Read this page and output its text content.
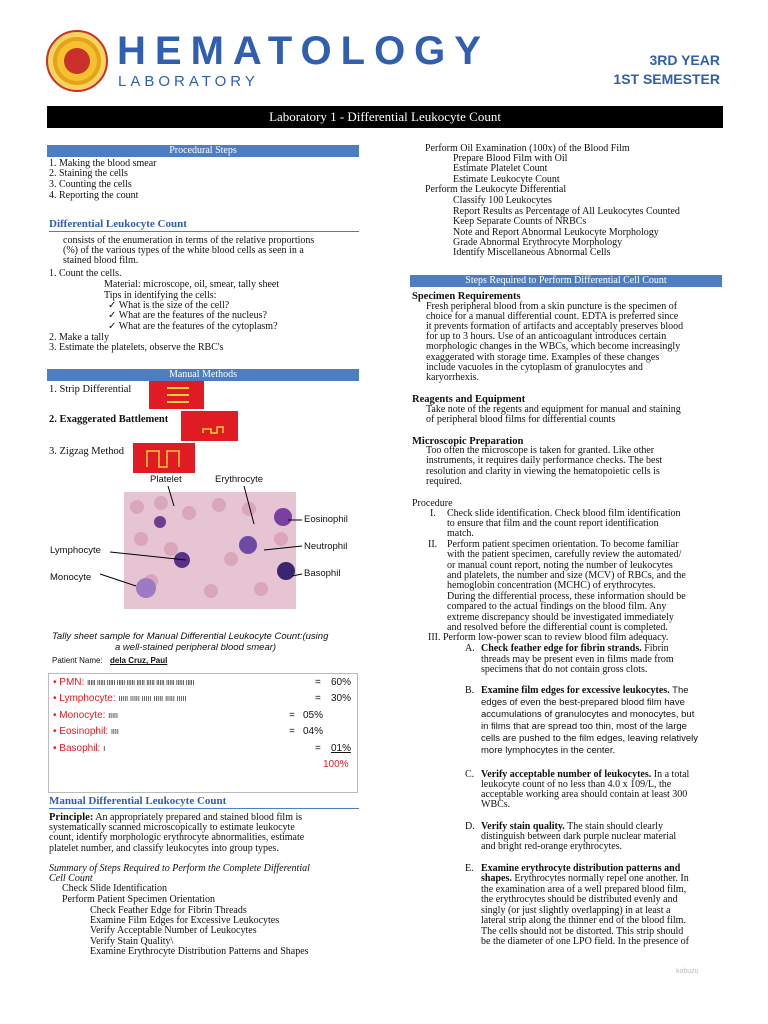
HEMATOLOGY
LABORATORY
3RD YEAR
1ST SEMESTER
Laboratory 1 - Differential Leukocyte Count
Procedural Steps
1. Making the blood smear
2. Staining the cells
3. Counting the cells
4. Reporting the count
Differential Leukocyte Count
consists of the enumeration in terms of the relative proportions
(%) of the various types of the white blood cells as seen in a
stained blood film.
1. Count the cells.
Material: microscope, oil, smear, tally sheet
Tips in identifying the cells:
✓ What is the size of the cell?
✓ What are the features of the nucleus?
✓ What are the features of the cytoplasm?
2. Make a tally
3. Estimate the platelets, observe the RBC's
Manual Methods
1. Strip Differential
2. Exaggerated Battlement
3. Zigzag Method
Platelet	Erythrocyte
Eosinophil
Lymphocyte	Neutrophil
Monocyte	Basophil
Tally sheet sample for Manual Differential Leukocyte Count:(using
a well-stained peripheral blood smear)
Patient Name: dela Cruz, Paul
• PMN: IIIII IIIII IIIII IIIII IIIII IIIII IIIII IIIII IIIII IIIII IIIII	= 60%
• Lymphocyte: IIIII IIIII IIIII IIIII IIIII IIIII	= 30%
• Monocyte: IIIII	= 05%
• Eosinophil: IIII	= 04%
• Basophil: I	= 01%
100%
Manual Differential Leukocyte Count
Principle: An appropriately prepared and stained blood film is
systematically scanned microscopically to estimate leukocyte
count, identify morphologic erythrocyte abnormalities, estimate
platelet number, and classify leukocytes into group types.
Summary of Steps Required to Perform the Complete Differential
Cell Count
Check Slide Identification
Perform Patient Specimen Orientation
Check Feather Edge for Fibrin Threads
Examine Film Edges for Excessive Leukocytes
Verify Acceptable Number of Leukocytes
Verify Stain Quality\
Examine Erythrocyte Distribution Patterns and Shapes
Perform Oil Examination (100x) of the Blood Film
Prepare Blood Film with Oil
Estimate Platelet Count
Estimate Leukocyte Count
Perform the Leukocyte Differential
Classify 100 Leukocytes
Report Results as Percentage of All Leukocytes Counted
Keep Separate Counts of NRBCs
Note and Report Abnormal Leukocyte Morphology
Grade Abnormal Erythrocyte Morphology
Identify Miscellaneous Abnormal Cells
Steps Required to Perform Differential Cell Count
Specimen Requirements
Fresh peripheral blood from a skin puncture is the specimen of
choice for a manual differential count. EDTA is preferred since
it prevents formation of artifacts and acceptably preserves blood
for up to 3 hours. Use of an anticoagulant introduces certain
morphologic changes in the WBCs, which become increasingly
exaggerated with storage time. Examples of these changes
include vacuoles in the cytoplasm of granulocytes and
karyorrhexis.
Reagents and Equipment
Take note of the regents and equipment for manual and staining
of peripheral blood films for differential counts
Microscopic Preparation
Too often the microscope is taken for granted. Like other
instruments, it requires daily performance checks. The best
resolution and clarity in viewing the hematopoietic cells is
required.
Procedure
I. Check slide identification. Check blood film identification
to ensure that film and the count report identification
match.
II. Perform patient specimen orientation. To become familiar
with the patient specimen, carefully review the automated/
or manual count report, noting the number of leukocytes
and platelets, the number and size (MCV) of RBCs, and the
hemoglobin concentration (MCHC) of erythrocytes.
During the differential process, these information should be
compared to the actual findings on the blood film. Any
extreme discrepancy should be investigated immediately
and resolved before the differential count is completed.
III. Perform low-power scan to review blood film adequacy.
A. Check feather edge for fibrin strands. Fibrin
threads may be present even in films made from
specimens that do not contain gross clots.
B. Examine film edges for excessive leukocytes. The
edges of even the best-prepared blood film have
accumulations of granulocytes and monocytes, but
in films that are spread too thin, most of the large
cells are pushed to the film edges, leaving relatively
more lymphocytes in the center.
C. Verify acceptable number of leukocytes. In a total
leukocyte count of no less than 4.0 x 109/L, the
acceptable working area should contain at least 300
WBCs.
D. Verify stain quality. The stain should clearly
distinguish between dark purple nuclear material
and bright red-orange erythrocytes.
E. Examine erythrocyte distribution patterns and
shapes. Erythrocytes normally repel one another. In
the examination area of a well prepared blood film,
the erythrocytes should be distributed evenly and
singly (or just slightly overlapping) in at least a
lateral strip along the thinner end of the blood film.
The cells should not be distorted. This strip should
be the diameter of one LPO field. In the presence of
kobuzu
